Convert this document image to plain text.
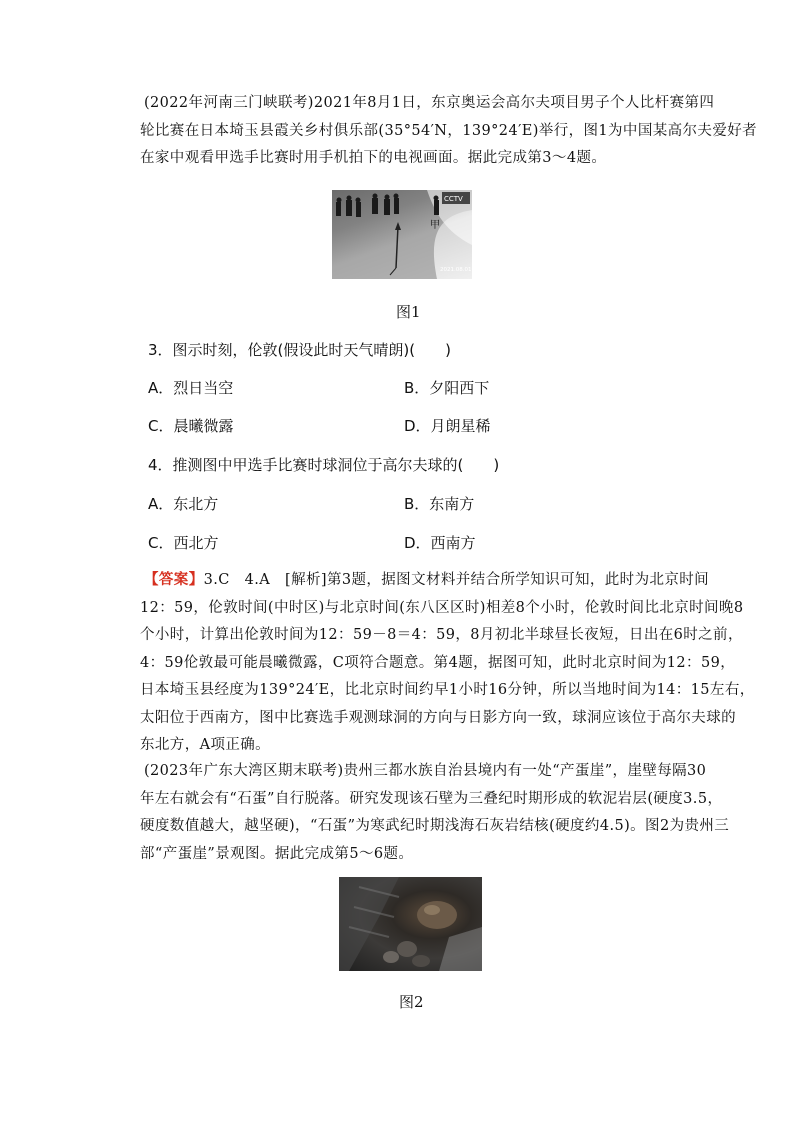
(2022年河南三门峡联考)2021年8月1日，东京奥运会高尔夫项目男子个人比杆赛第四
轮比赛在日本埼玉县霞关乡村俱乐部(35°54′N，139°24′E)举行，图1为中国某高尔夫爱好者
在家中观看甲选手比赛时用手机拍下的电视画面。据此完成第3～4题。

CCTV
甲
2021.08.01 12:59
图1
3．图示时刻，伦敦(假设此时天气晴朗)(　　)
A．烈日当空	B．夕阳西下
C．晨曦微露	D．月朗星稀
4．推测图中甲选手比赛时球洞位于高尔夫球的(　　)
A．东北方	B．东南方
C．西北方	D．西南方

【答案】3.C　4.A　[解析]第3题，据图文材料并结合所学知识可知，此时为北京时间
12：59，伦敦时间(中时区)与北京时间(东八区区时)相差8个小时，伦敦时间比北京时间晚8
个小时，计算出伦敦时间为12：59－8＝4：59，8月初北半球昼长夜短，日出在6时之前，
4：59伦敦最可能晨曦微露，C项符合题意。第4题，据图可知，此时北京时间为12：59，
日本埼玉县经度为139°24′E，比北京时间约早1小时16分钟，所以当地时间为14：15左右，
太阳位于西南方，图中比赛选手观测球洞的方向与日影方向一致，球洞应该位于高尔夫球的
东北方，A项正确。

(2023年广东大湾区期末联考)贵州三都水族自治县境内有一处“产蛋崖”，崖壁每隔30
年左右就会有“石蛋”自行脱落。研究发现该石壁为三叠纪时期形成的软泥岩层(硬度3.5，
硬度数值越大，越坚硬)，“石蛋”为寒武纪时期浅海石灰岩结核(硬度约4.5)。图2为贵州三
部“产蛋崖”景观图。据此完成第5～6题。

图2
